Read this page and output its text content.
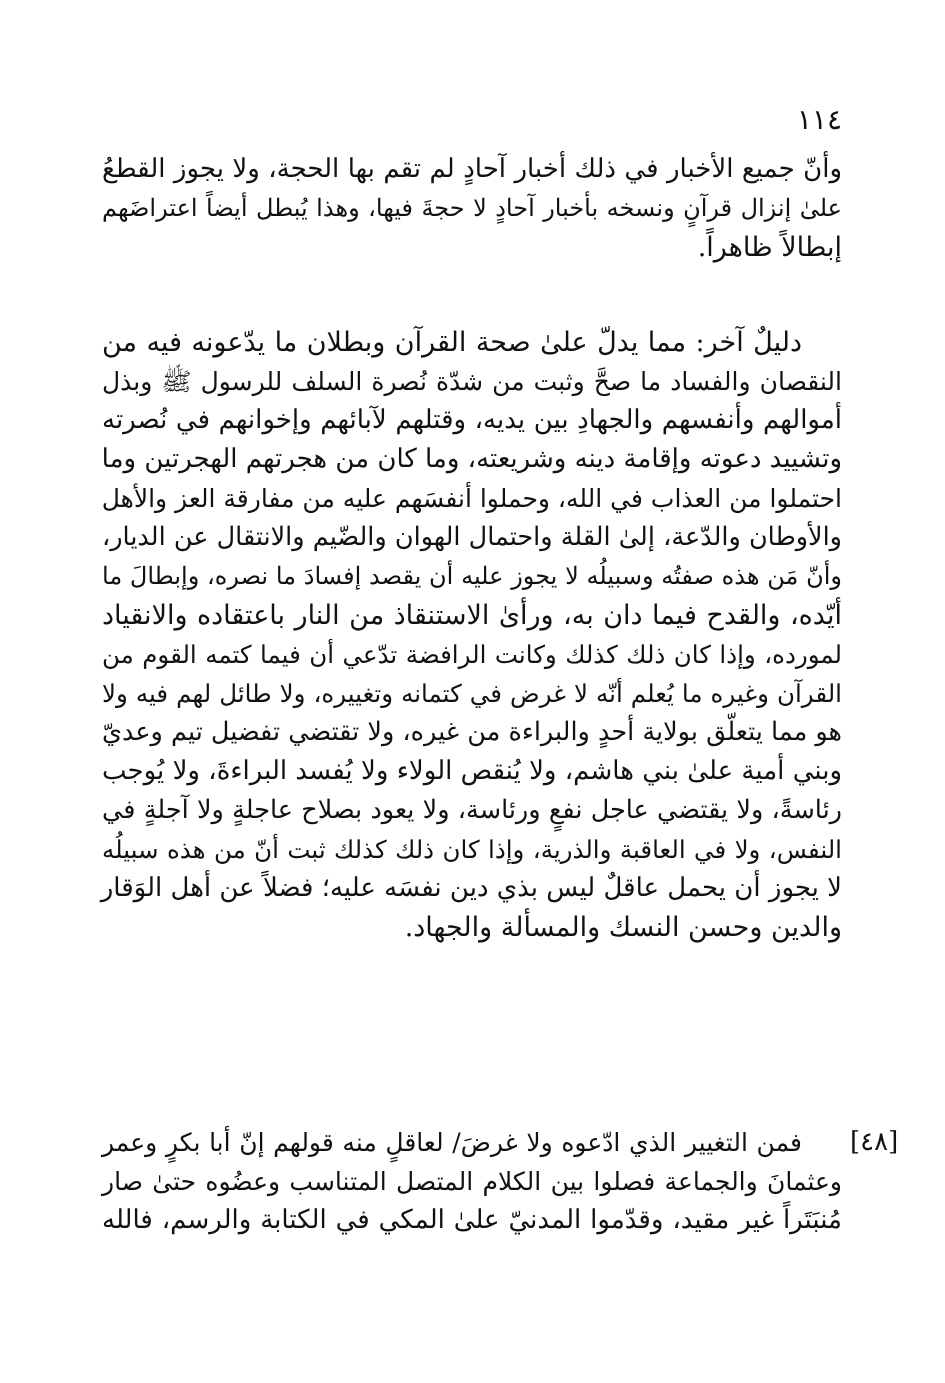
١١٤
وأنّ جميع الأخبار في ذلك أخبار آحادٍ لم تقم بها الحجة، ولا يجوز القطعُ
علىٰ إنزال قرآنٍ ونسخه بأخبار آحادٍ لا حجةَ فيها، وهذا يُبطل أيضاً اعتراضَهم
إبطالاً ظاهراً.
دليلٌ آخر: مما يدلّ علىٰ صحة القرآن وبطلان ما يدّعونه فيه من
النقصان والفساد ما صحَّ وثبت من شدّة نُصرة السلف للرسول ﷺ وبذل
أموالهم وأنفسهم والجهادِ بين يديه، وقتلهم لآبائهم وإخوانهم في نُصرته
وتشييد دعوته وإقامة دينه وشريعته، وما كان من هجرتهم الهجرتين وما
احتملوا من العذاب في الله، وحملوا أنفسَهم عليه من مفارقة العز والأهل
والأوطان والدّعة، إلىٰ القلة واحتمال الهوان والضّيم والانتقال عن الديار،
وأنّ مَن هذه صفتُه وسبيلُه لا يجوز عليه أن يقصد إفسادَ ما نصره، وإبطالَ ما
أيّده، والقدح فيما دان به، ورأىٰ الاستنقاذ من النار باعتقاده والانقياد
لمورده، وإذا كان ذلك كذلك وكانت الرافضة تدّعي أن فيما كتمه القوم من
القرآن وغيره ما يُعلم أنّه لا غرض في كتمانه وتغييره، ولا طائل لهم فيه ولا
هو مما يتعلّق بولاية أحدٍ والبراءة من غيره، ولا تقتضي تفضيل تيم وعديّ
وبني أمية علىٰ بني هاشم، ولا يُنقص الولاء ولا يُفسد البراءةَ، ولا يُوجب
رئاسةً، ولا يقتضي عاجل نفعٍ ورئاسة، ولا يعود بصلاح عاجلةٍ ولا آجلةٍ في
النفس، ولا في العاقبة والذرية، وإذا كان ذلك كذلك ثبت أنّ من هذه سبيلُه
لا يجوز أن يحمل عاقلٌ ليس بذي دين نفسَه عليه؛ فضلاً عن أهل الوَقار
والدين وحسن النسك والمسألة والجهاد.
[٤٨]
فمن التغيير الذي ادّعوه ولا غرضَ/ لعاقلٍ منه قولهم إنّ أبا بكرٍ وعمر
وعثمانَ والجماعة فصلوا بين الكلام المتصل المتناسب وعضُوه حتىٰ صار
مُنبَتَراً غير مقيد، وقدّموا المدنيّ علىٰ المكي في الكتابة والرسم، فالله
